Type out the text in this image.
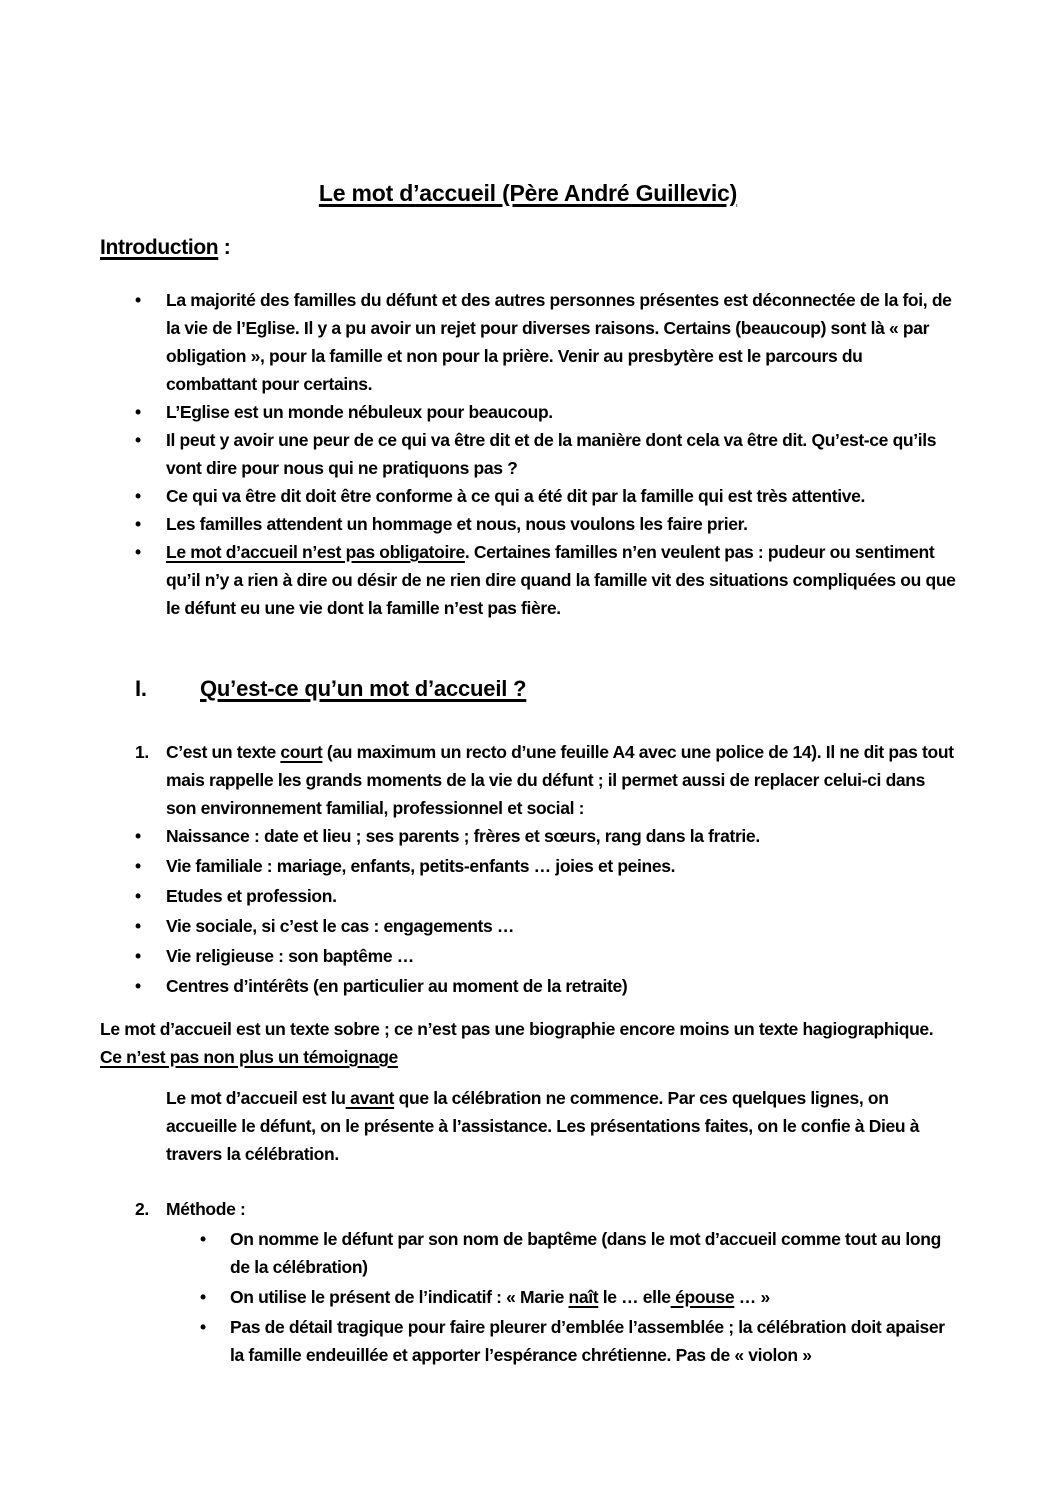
Le mot d’accueil (Père André Guillevic)
Introduction :
•	La majorité des familles du défunt et des autres personnes présentes est déconnectée de la foi, de la vie de l’Eglise. Il y a pu avoir un rejet pour diverses raisons. Certains (beaucoup) sont là « par obligation », pour la famille et non pour la prière. Venir au presbytère est le parcours du combattant pour certains.
•	L’Eglise est un monde nébuleux pour beaucoup.
•	Il peut y avoir une peur de ce qui va être dit et de la manière dont cela va être dit. Qu’est-ce qu’ils vont dire pour nous qui ne pratiquons pas ?
•	Ce qui va être dit doit être conforme à ce qui a été dit par la famille qui est très attentive.
•	Les familles attendent un hommage et nous, nous voulons les faire prier.
•	Le mot d’accueil n’est pas obligatoire. Certaines familles n’en veulent pas : pudeur ou sentiment qu’il n’y a rien à dire ou désir de ne rien dire quand la famille vit des situations compliquées ou que le défunt eu une vie dont la famille n’est pas fière.
I.	Qu’est-ce qu’un mot d’accueil ?
1. C’est un texte court (au maximum un recto d’une feuille A4 avec une police de 14). Il ne dit pas tout mais rappelle les grands moments de la vie du défunt ; il permet aussi de replacer celui-ci dans son environnement familial, professionnel et social :
•	Naissance : date et lieu ; ses parents ; frères et sœurs, rang dans la fratrie.
•	Vie familiale : mariage, enfants, petits-enfants … joies et peines.
•	Etudes et profession.
•	Vie sociale, si c’est le cas : engagements …
•	Vie religieuse : son baptême …
•	Centres d’intérêts (en particulier au moment de la retraite)

Le mot d’accueil est un texte sobre ; ce n’est pas une biographie encore moins un texte hagiographique. Ce n’est pas non plus un témoignage

Le mot d’accueil est lu avant que la célébration ne commence. Par ces quelques lignes, on accueille le défunt, on le présente à l’assistance. Les présentations faites, on le confie à Dieu à travers la célébration.

2. Méthode :
•	On nomme le défunt par son nom de baptême (dans le mot d’accueil comme tout au long de la célébration)
•	On utilise le présent de l’indicatif : « Marie naît le … elle épouse … »
•	Pas de détail tragique pour faire pleurer d’emblée l’assemblée ; la célébration doit apaiser la famille endeuillée et apporter l’espérance chrétienne. Pas de « violon »
